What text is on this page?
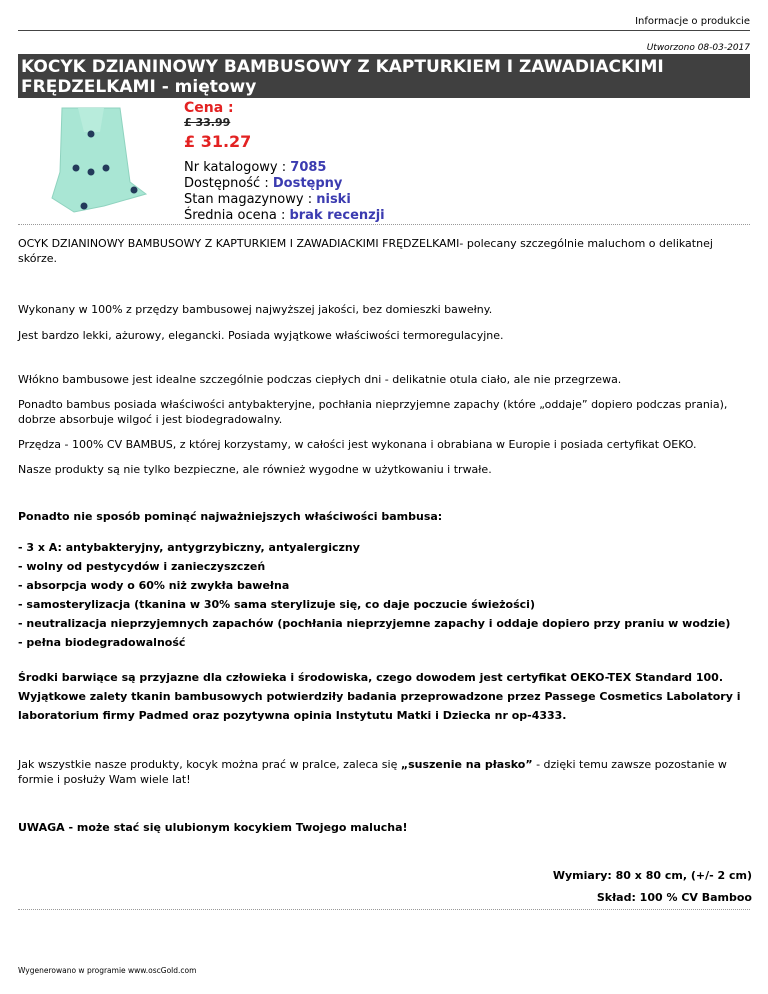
Informacje o produkcie
Utworzono 08-03-2017
KOCYK DZIANINOWY BAMBUSOWY Z KAPTURKIEM I ZAWADIACKIMI FRĘDZELKAMI - miętowy
Cena :
£ 33.99
£ 31.27
Nr katalogowy : 7085
Dostępność : Dostępny
Stan magazynowy : niski
Średnia ocena : brak recenzji

OCYK DZIANINOWY BAMBUSOWY Z KAPTURKIEM I ZAWADIACKIMI FRĘDZELKAMI- polecany szczególnie maluchom o delikatnej skórze.

Wykonany w 100% z przędzy bambusowej najwyższej jakości, bez domieszki bawełny.

Jest bardzo lekki, ażurowy, elegancki. Posiada wyjątkowe właściwości termoregulacyjne.

Włókno bambusowe jest idealne szczególnie podczas ciepłych dni - delikatnie otula ciało, ale nie przegrzewa.

Ponadto bambus posiada właściwości antybakteryjne, pochłania nieprzyjemne zapachy (które „oddaje” dopiero podczas prania), dobrze absorbuje wilgoć i jest biodegradowalny.

Przędza - 100% CV BAMBUS, z której korzystamy, w całości jest wykonana i obrabiana w Europie i posiada certyfikat OEKO.

Nasze produkty są nie tylko bezpieczne, ale również wygodne w użytkowaniu i trwałe.

Ponadto nie sposób pominąć najważniejszych właściwości bambusa:

- 3 x A: antybakteryjny, antygrzybiczny, antyalergiczny

- wolny od pestycydów i zanieczyszczeń

- absorpcja wody o 60% niż zwykła bawełna

- samosterylizacja (tkanina w 30% sama sterylizuje się, co daje poczucie świeżości)

- neutralizacja nieprzyjemnych zapachów (pochłania nieprzyjemne zapachy i oddaje dopiero przy praniu w wodzie)

- pełna biodegradowalność

Środki barwiące są przyjazne dla człowieka i środowiska, czego dowodem jest certyfikat OEKO-TEX Standard 100.

Wyjątkowe zalety tkanin bambusowych potwierdziły badania przeprowadzone przez Passege Cosmetics Labolatory i

laboratorium firmy Padmed oraz pozytywna opinia Instytutu Matki i Dziecka nr op-4333.

Jak wszystkie nasze produkty, kocyk można prać w pralce, zaleca się „suszenie na płasko” - dzięki temu zawsze pozostanie w formie i posłuży Wam wiele lat!

UWAGA - może stać się ulubionym kocykiem Twojego malucha!

Wymiary: 80 x 80 cm, (+/- 2 cm)

Skład: 100 % CV Bamboo

Wygenerowano w programie www.oscGold.com
